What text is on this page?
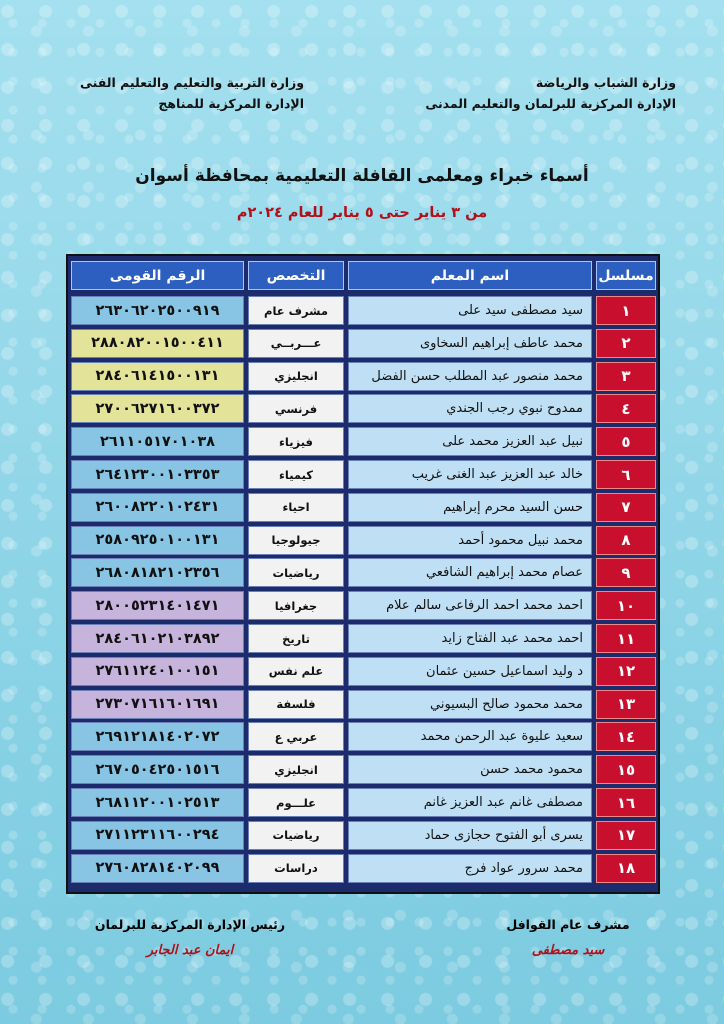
وزارة الشباب والرياضة
الإدارة المركزية للبرلمان والتعليم المدنى
وزارة التربية والتعليم والتعليم الفنى
الإدارة المركزية للمناهج
أسماء خبراء ومعلمى القافلة التعليمية بمحافظة أسوان
من ٣ يناير حتى ٥ يناير للعام ٢٠٢٤م
مسلسل
اسم المعلم
التخصص
الرقم القومى
١
سيد مصطفى سيد على
مشرف عام
٢٦٣٠٦٢٠٢٥٠٠٩١٩
٢
محمد عاطف إبراهيم السخاوى
عـــربــي
٢٨٨٠٨٢٠٠١٥٠٠٤١١
٣
محمد منصور عبد المطلب حسن الفضل
انجليزي
٢٨٤٠٦١٤١٥٠٠١٣١
٤
ممدوح نبوي رجب الجندي
فرنسي
٢٧٠٠٦٢٧١٦٠٠٣٧٢
٥
نبيل عبد العزيز محمد على
فيزياء
٢٦١١٠٥١٧٠١٠٣٨
٦
خالد عبد العزيز عبد الغنى غريب
كيمياء
٢٦٤١٢٣٠٠١٠٣٣٥٣
٧
حسن السيد محرم إبراهيم
احياء
٢٦٠٠٨٢٢٠١٠٢٤٣١
٨
محمد نبيل محمود أحمد
جيولوجيا
٢٥٨٠٩٢٥٠١٠٠١٣١
٩
عصام محمد إبراهيم الشافعي
رياضيات
٢٦٨٠٨١٨٢١٠٢٣٥٦
١٠
احمد محمد احمد الرفاعى سالم علام
جغرافيا
٢٨٠٠٥٢٣١٤٠١٤٧١
١١
احمد محمد عبد الفتاح زايد
تاريخ
٢٨٤٠٦١٠٢١٠٣٨٩٢
١٢
د وليد اسماعيل حسين عثمان
علم نفس
٢٧٦١١٢٤٠١٠٠١٥١
١٣
محمد محمود صالح البسيوني
فلسفة
٢٧٣٠٧١٦١٦٠١٦٩١
١٤
سعيد عليوة عبد الرحمن محمد
عربي ع
٢٦٩١٢١٨١٤٠٢٠٧٢
١٥
محمود محمد حسن
انجليزي
٢٦٧٠٥٠٤٢٥٠١٥١٦
١٦
مصطفى غانم عبد العزيز غانم
علـــوم
٢٦٨١١٢٠٠١٠٢٥١٣
١٧
يسرى أبو الفتوح حجازى حماد
رياضيات
٢٧١١٢٣١١٦٠٠٢٩٤
١٨
محمد سرور عواد فرج
دراسات
٢٧٦٠٨٢٨١٤٠٢٠٩٩
مشرف عام القوافل
سيد مصطفى
رئيس الإدارة المركزية للبرلمان
ايمان عبد الجابر
